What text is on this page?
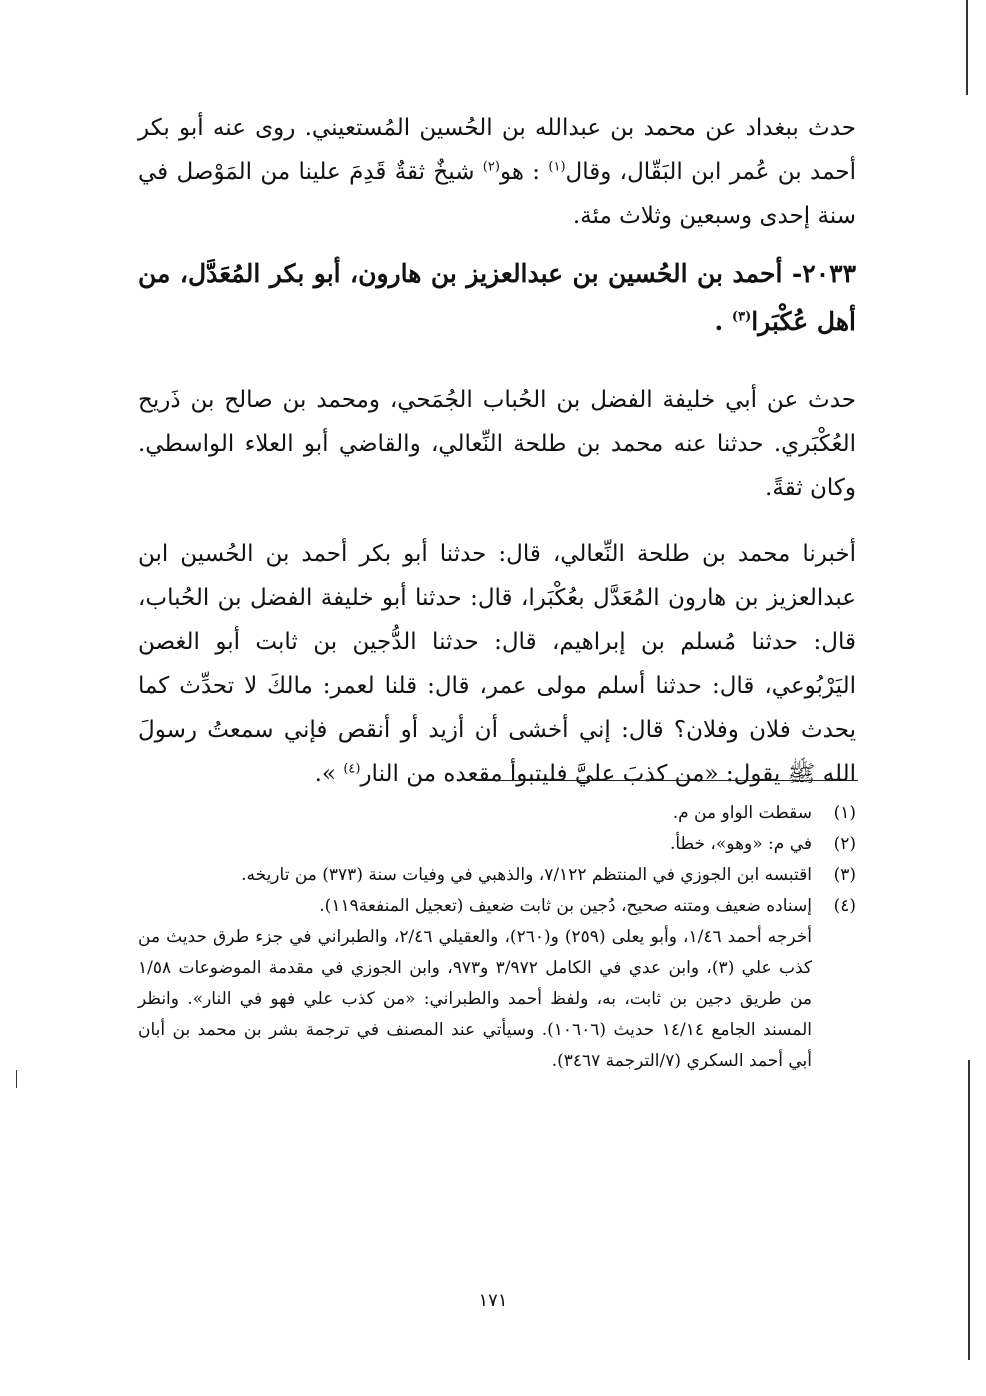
حدث ببغداد عن محمد بن عبدالله بن الحُسين المُستعيني. روى عنه أبو بكر أحمد بن عُمر ابن البَقّال، وقال$^{(١)}$ : هو$^{(٢)}$ شيخٌ ثقةٌ قَدِمَ علينا من المَوْصل في سنة إحدى وسبعين وثلاث مئة.

٢٠٣٣- أحمد بن الحُسين بن عبدالعزيز بن هارون، أبو بكر المُعَدَّل، من أهل عُكْبَرا$^{(٣)}$ .

حدث عن أبي خليفة الفضل بن الحُباب الجُمَحي، ومحمد بن صالح بن ذَريح العُكْبَري. حدثنا عنه محمد بن طلحة النِّعالي، والقاضي أبو العلاء الواسطي. وكان ثقةً.

أخبرنا محمد بن طلحة النِّعالي، قال: حدثنا أبو بكر أحمد بن الحُسين ابن عبدالعزيز بن هارون المُعَدَّل بعُكْبَرا، قال: حدثنا أبو خليفة الفضل بن الحُباب، قال: حدثنا مُسلم بن إبراهيم، قال: حدثنا الدُّجين بن ثابت أبو الغصن اليَرْبُوعي، قال: حدثنا أسلم مولى عمر، قال: قلنا لعمر: مالكَ لا تحدِّث كما يحدث فلان وفلان؟ قال: إني أخشى أن أزيد أو أنقص فإني سمعتُ رسولَ الله ﷺ يقول: «من كذبَ عليَّ فليتبوأ مقعده من النار$^{(٤)}$ ».

(١)
سقطت الواو من م.
(٢)
في م: «وهو»، خطأ.
(٣)
اقتبسه ابن الجوزي في المنتظم ٧/١٢٢، والذهبي في وفيات سنة (٣٧٣) من تاريخه.
(٤)
إسناده ضعيف ومتنه صحيح، دُجين بن ثابت ضعيف (تعجيل المنفعة١١٩).

أخرجه أحمد ١/٤٦، وأبو يعلى (٢٥٩) و(٢٦٠)، والعقيلي ٢/٤٦، والطبراني في جزء طرق حديث من كذب علي (٣)، وابن عدي في الكامل ٣/٩٧٢ و٩٧٣، وابن الجوزي في مقدمة الموضوعات ١/٥٨ من طريق دجين بن ثابت، به، ولفظ أحمد والطبراني: «من كذب علي فهو في النار». وانظر المسند الجامع ١٤/١٤ حديث (١٠٦٠٦). وسيأتي عند المصنف في ترجمة بشر بن محمد بن أبان أبي أحمد السكري (٧/الترجمة ٣٤٦٧).

١٧١
